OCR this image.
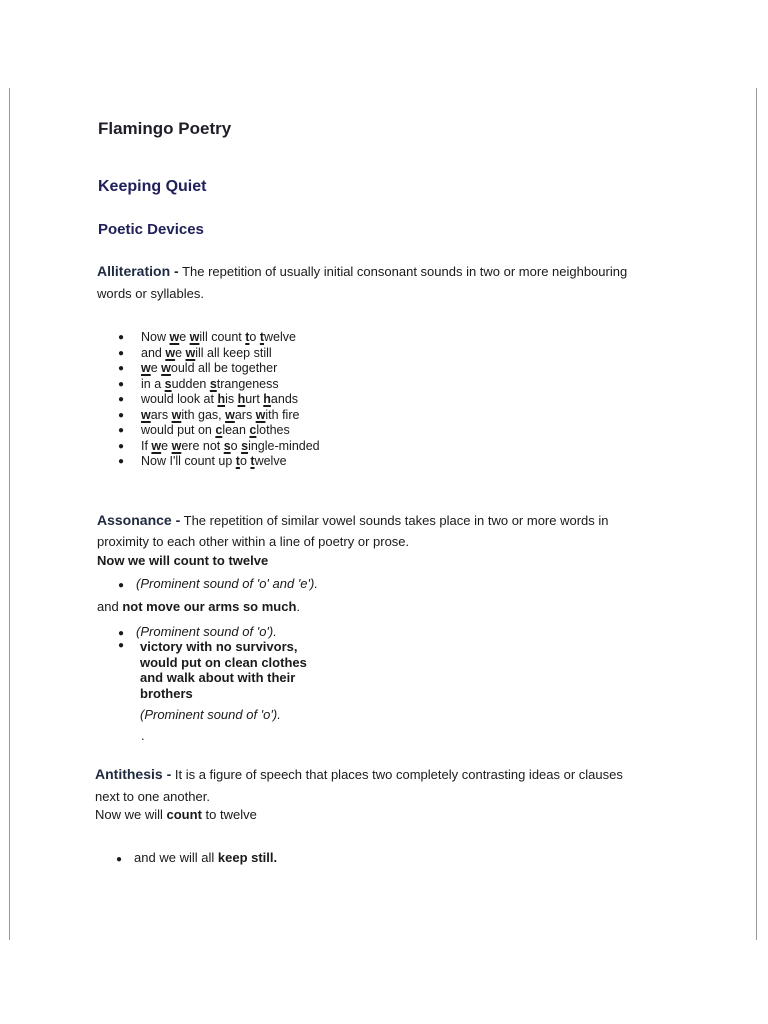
Flamingo Poetry
Keeping Quiet
Poetic Devices
Alliteration - The repetition of usually initial consonant sounds in two or more neighbouring
words or syllables.
● Now we will count to twelve
● and we will all keep still
● we would all be together
● in a sudden strangeness
● would look at his hurt hands
● wars with gas, wars with fire
● would put on clean clothes
● If we were not so single-minded
● Now I'll count up to twelve
Assonance - The repetition of similar vowel sounds takes place in two or more words in
proximity to each other within a line of poetry or prose.
Now we will count to twelve
● (Prominent sound of 'o' and 'e').
and not move our arms so much.
● (Prominent sound of 'o').
● victory with no survivors,
would put on clean clothes
and walk about with their
brothers
(Prominent sound of 'o').
.
Antithesis - It is a figure of speech that places two completely contrasting ideas or clauses
next to one another.
Now we will count to twelve
● and we will all keep still.
